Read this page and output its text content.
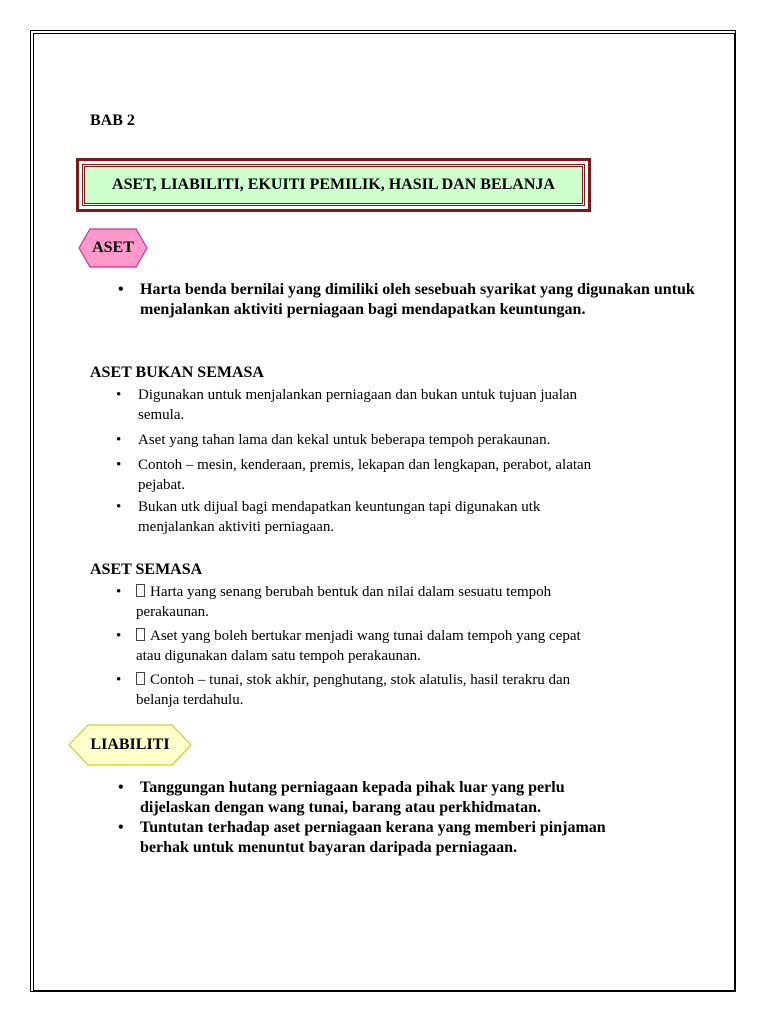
BAB 2
ASET, LIABILITI, EKUITI PEMILIK, HASIL DAN BELANJA
ASET
• Harta benda bernilai yang dimiliki oleh sesebuah syarikat yang digunakan untuk menjalankan aktiviti perniagaan bagi mendapatkan keuntungan.
ASET BUKAN SEMASA
• Digunakan untuk menjalankan perniagaan dan bukan untuk tujuan jualan
semula.
• Aset yang tahan lama dan kekal untuk beberapa tempoh perakaunan.
• Contoh – mesin, kenderaan, premis, lekapan dan lengkapan, perabot, alatan
pejabat.
• Bukan utk dijual bagi mendapatkan keuntungan tapi digunakan utk
menjalankan aktiviti perniagaan.
ASET SEMASA
•	Harta yang senang berubah bentuk dan nilai dalam sesuatu tempoh
perakaunan.
•	Aset yang boleh bertukar menjadi wang tunai dalam tempoh yang cepat
atau digunakan dalam satu tempoh perakaunan.
•	Contoh – tunai, stok akhir, penghutang, stok alatulis, hasil terakru dan
belanja terdahulu.
LIABILITI
• Tanggungan hutang perniagaan kepada pihak luar yang perlu
dijelaskan dengan wang tunai, barang atau perkhidmatan.
• Tuntutan terhadap aset perniagaan kerana yang memberi pinjaman
berhak untuk menuntut bayaran daripada perniagaan.
